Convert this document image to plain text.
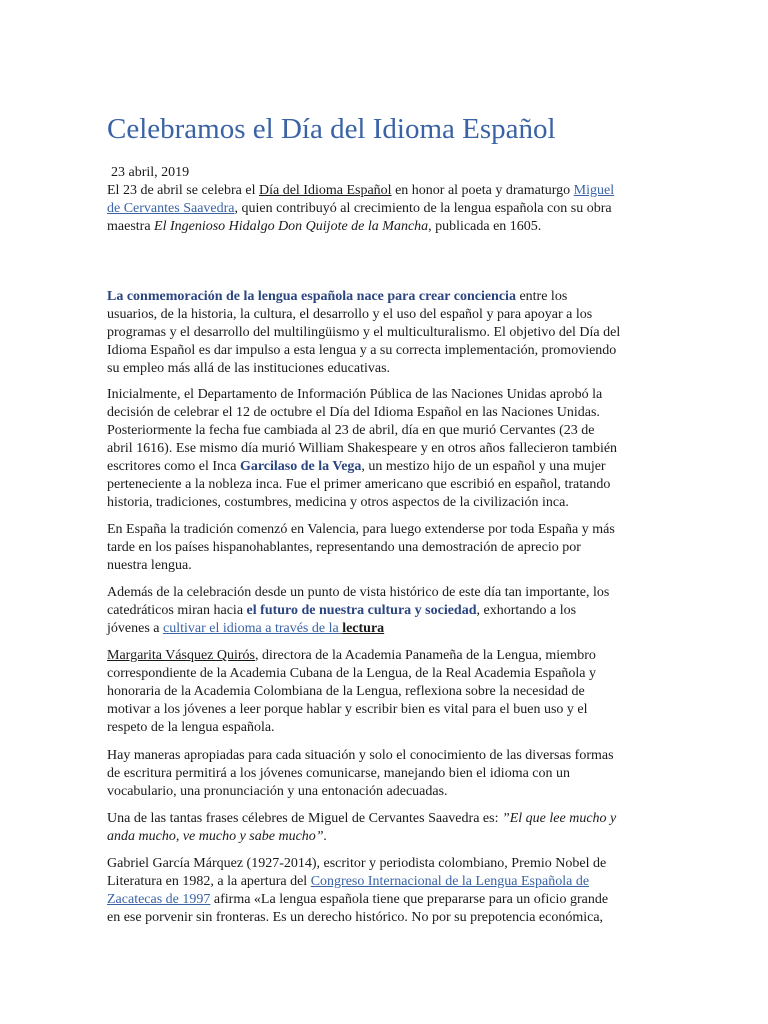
Celebramos el Día del Idioma Español
23 abril, 2019
El 23 de abril se celebra el Día del Idioma Español en honor al poeta y dramaturgo Miguel
de Cervantes Saavedra, quien contribuyó al crecimiento de la lengua española con su obra
maestra El Ingenioso Hidalgo Don Quijote de la Mancha, publicada en 1605.
La conmemoración de la lengua española nace para crear conciencia entre los
usuarios, de la historia, la cultura, el desarrollo y el uso del español y para apoyar a los
programas y el desarrollo del multilingüismo y el multiculturalismo. El objetivo del Día del
Idioma Español es dar impulso a esta lengua y a su correcta implementación, promoviendo
su empleo más allá de las instituciones educativas.
Inicialmente, el Departamento de Información Pública de las Naciones Unidas aprobó la
decisión de celebrar el 12 de octubre el Día del Idioma Español en las Naciones Unidas.
Posteriormente la fecha fue cambiada al 23 de abril, día en que murió Cervantes (23 de
abril 1616). Ese mismo día murió William Shakespeare y en otros años fallecieron también
escritores como el Inca Garcilaso de la Vega, un mestizo hijo de un español y una mujer
perteneciente a la nobleza inca. Fue el primer americano que escribió en español, tratando
historia, tradiciones, costumbres, medicina y otros aspectos de la civilización inca.
En España la tradición comenzó en Valencia, para luego extenderse por toda España y más
tarde en los países hispanohablantes, representando una demostración de aprecio por
nuestra lengua.
Además de la celebración desde un punto de vista histórico de este día tan importante, los
catedráticos miran hacia el futuro de nuestra cultura y sociedad, exhortando a los
jóvenes a cultivar el idioma a través de la lectura
Margarita Vásquez Quirós, directora de la Academia Panameña de la Lengua, miembro
correspondiente de la Academia Cubana de la Lengua, de la Real Academia Española y
honoraria de la Academia Colombiana de la Lengua, reflexiona sobre la necesidad de
motivar a los jóvenes a leer porque hablar y escribir bien es vital para el buen uso y el
respeto de la lengua española.
Hay maneras apropiadas para cada situación y solo el conocimiento de las diversas formas
de escritura permitirá a los jóvenes comunicarse, manejando bien el idioma con un
vocabulario, una pronunciación y una entonación adecuadas.
Una de las tantas frases célebres de Miguel de Cervantes Saavedra es: ”El que lee mucho y
anda mucho, ve mucho y sabe mucho”.
Gabriel García Márquez (1927-2014), escritor y periodista colombiano, Premio Nobel de
Literatura en 1982, a la apertura del Congreso Internacional de la Lengua Española de
Zacatecas de 1997 afirma «La lengua española tiene que prepararse para un oficio grande
en ese porvenir sin fronteras. Es un derecho histórico. No por su prepotencia económica,
